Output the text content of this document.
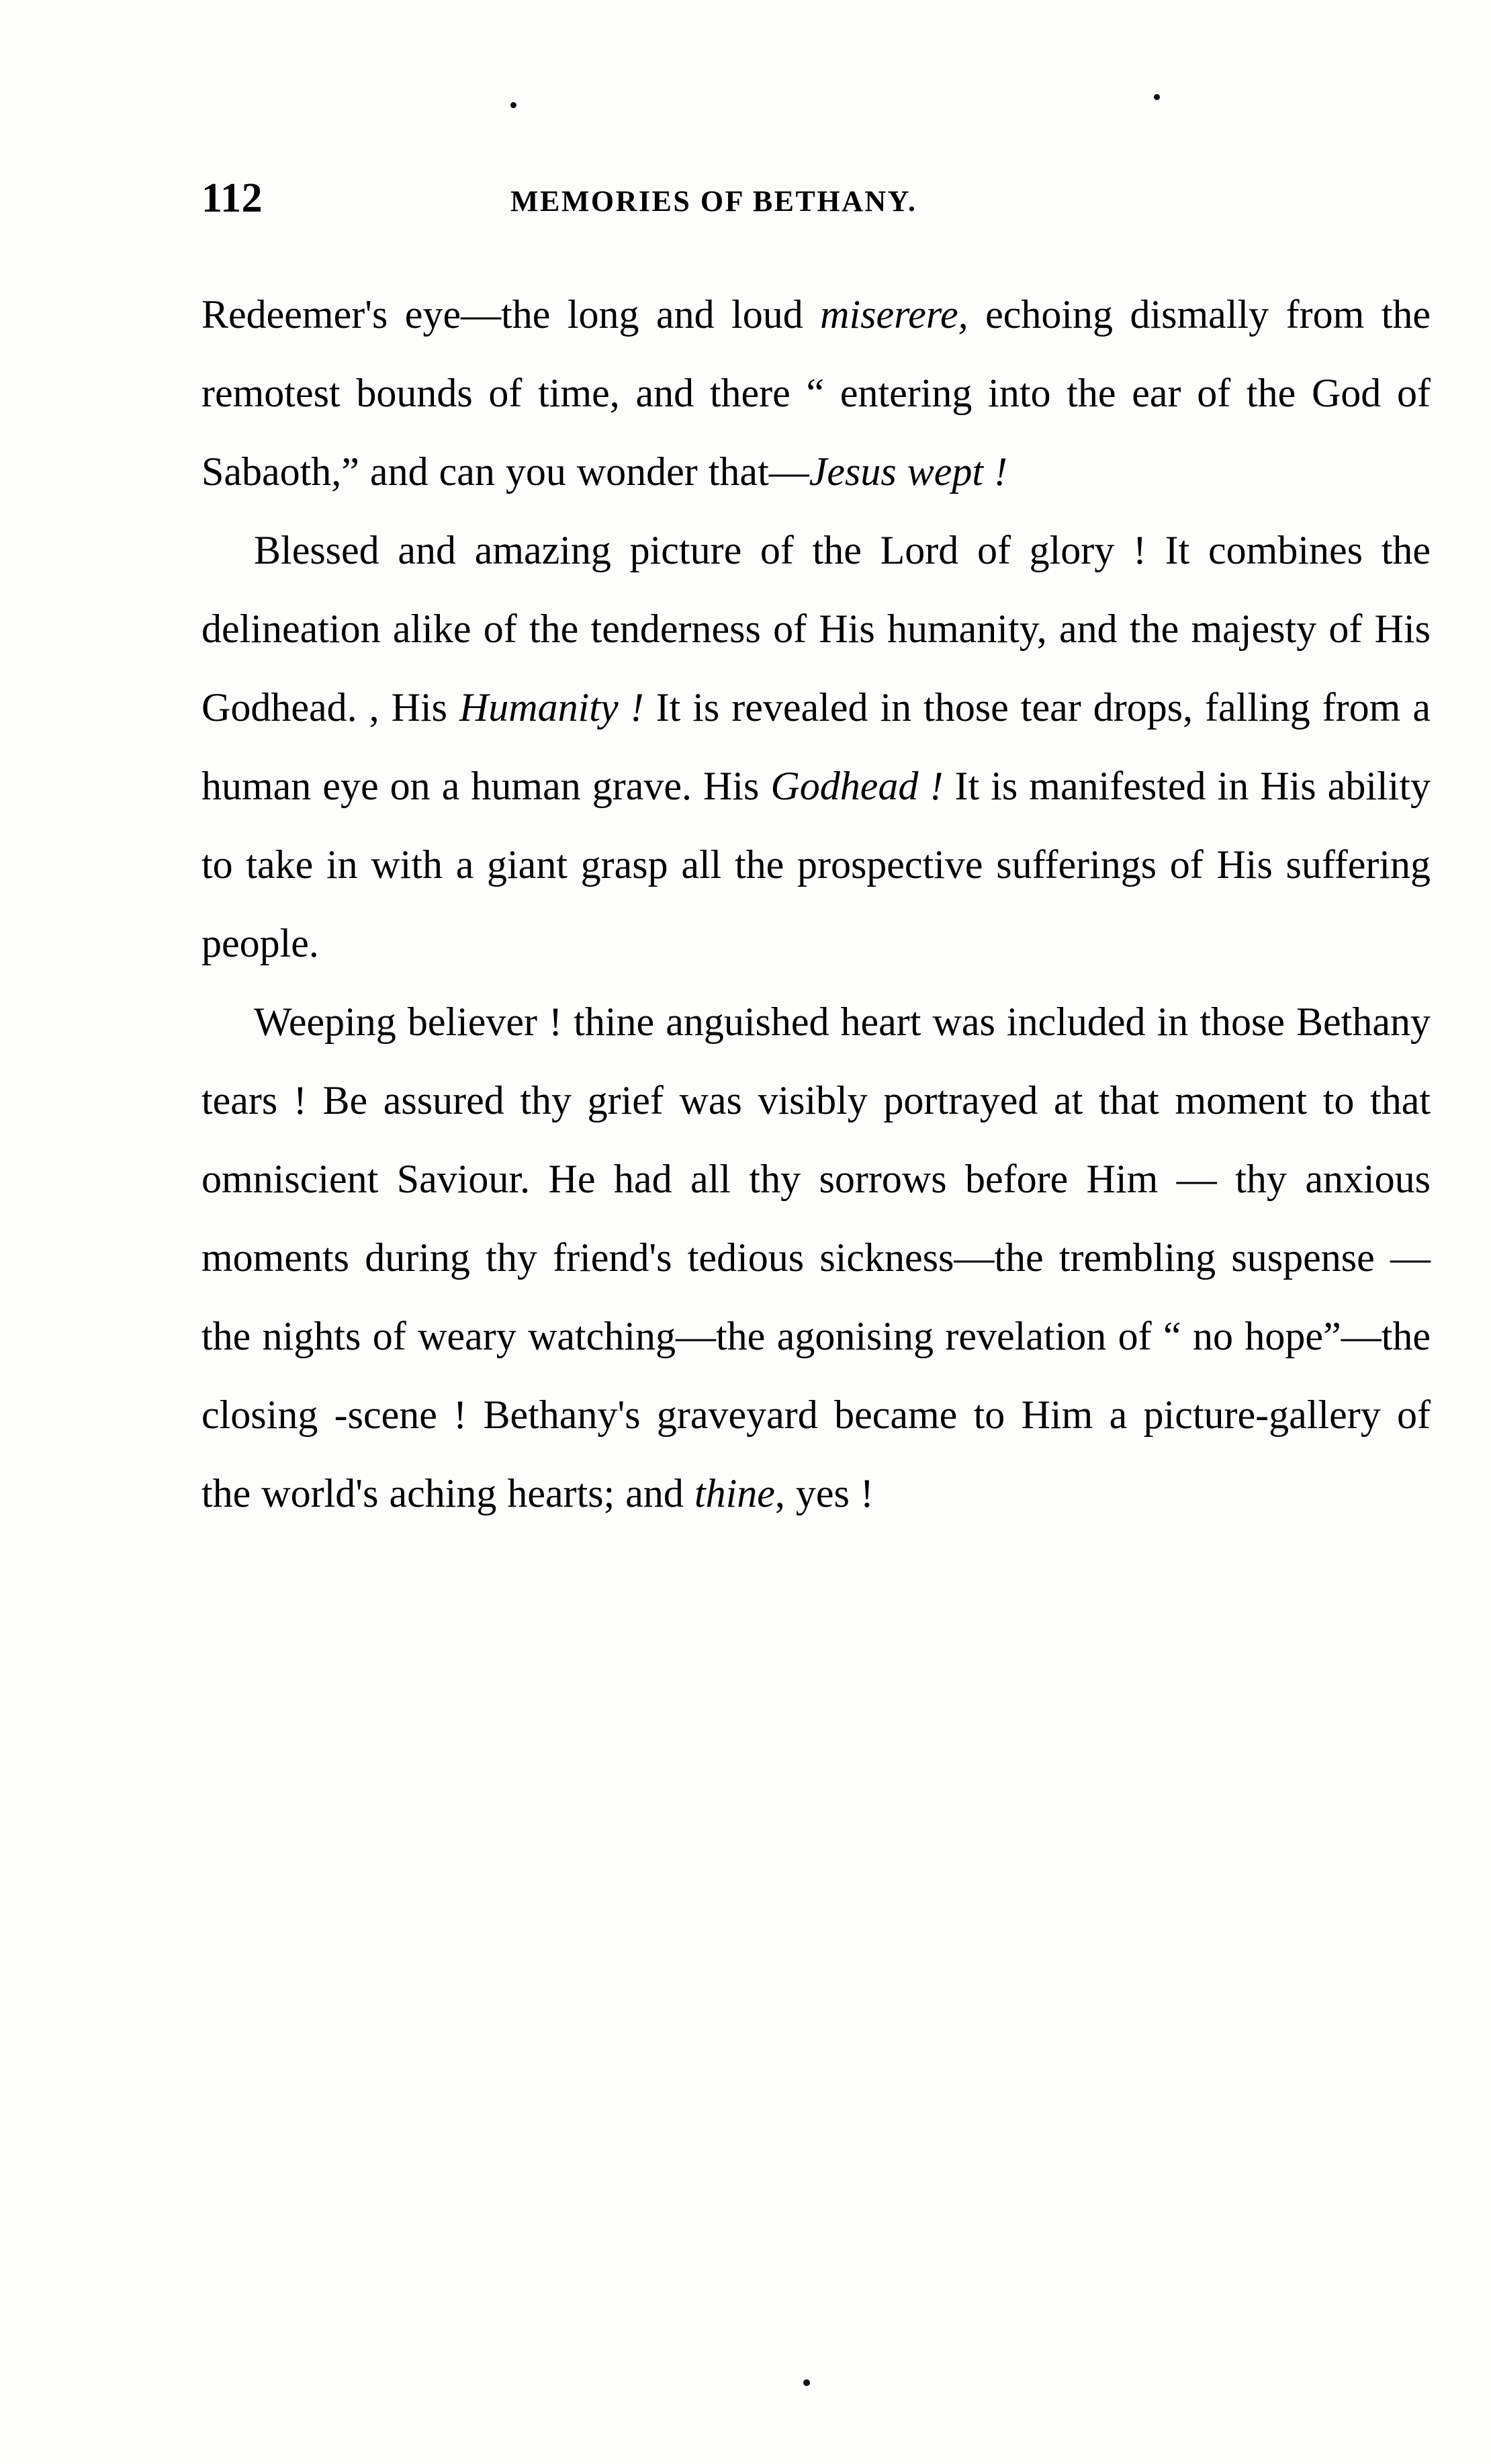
112	MEMORIES OF BETHANY.

Redeemer's eye—the long and loud miserere, echoing dismally from the remotest bounds of time, and there “ entering into the ear of the God of Sabaoth,” and can you wonder that—Jesus wept !

Blessed and amazing picture of the Lord of glory ! It combines the delineation alike of the tenderness of His humanity, and the majesty of His Godhead. , His Humanity ! It is revealed in those tear drops, falling from a human eye on a human grave. His Godhead ! It is manifested in His ability to take in with a giant grasp all the prospective sufferings of His suffering people.

Weeping believer ! thine anguished heart was included in those Bethany tears ! Be assured thy grief was visibly portrayed at that moment to that omniscient Saviour. He had all thy sorrows before Him — thy anxious moments during thy friend's tedious sickness—the trembling suspense —the nights of weary watching—the agonising revelation of “ no hope”—the closing -scene ! Bethany's graveyard became to Him a picture-gallery of the world's aching hearts; and thine, yes !
